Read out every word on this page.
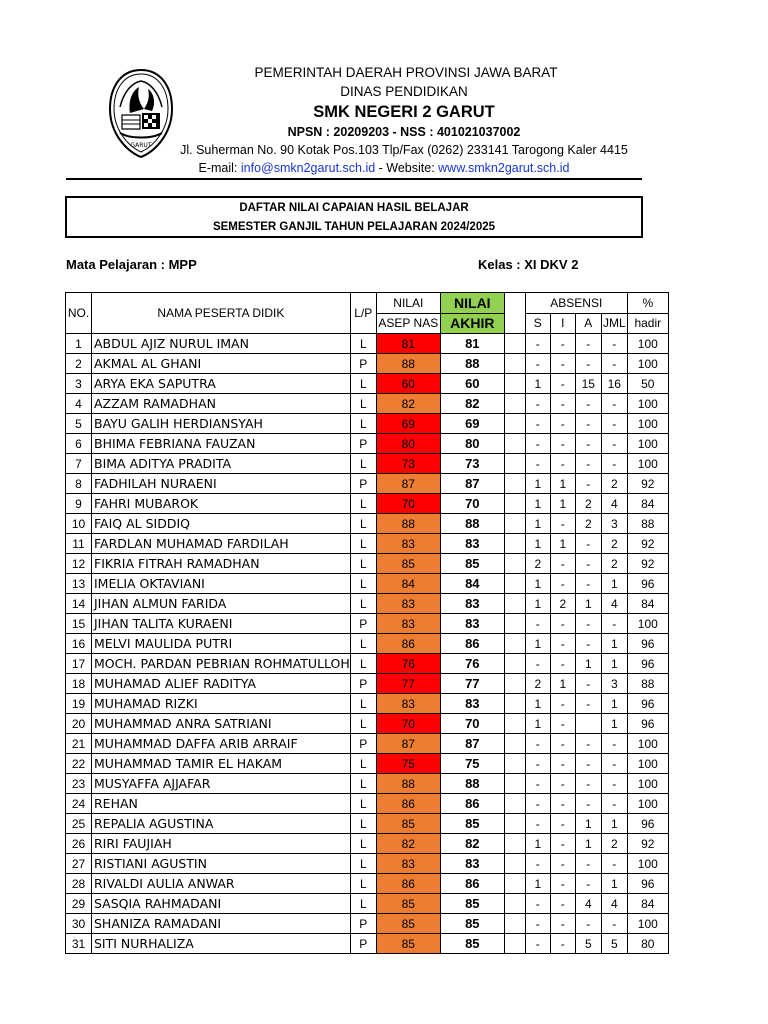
PEMERINTAH DAERAH PROVINSI JAWA BARAT
DINAS PENDIDIKAN
SMK NEGERI 2 GARUT
NPSN : 20209203 - NSS : 401021037002
Jl. Suherman No. 90 Kotak Pos.103 Tlp/Fax (0262) 233141 Tarogong Kaler 4415
E-mail: info@smkn2garut.sch.id - Website: www.smkn2garut.sch.id
GARUT
DAFTAR NILAI CAPAIAN HASIL BELAJAR
SEMESTER GANJIL TAHUN PELAJARAN 2024/2025
Mata Pelajaran : MPP	Kelas : XI DKV 2
NO.	NAMA PESERTA DIDIK	L/P	NILAI	NILAI		ABSENSI				%
			ASEP NAS	AKHIR		S	I	A	JML	hadir
1	ABDUL AJIZ NURUL IMAN	L	81	81		-	-	-	-	100
2	AKMAL AL GHANI	P	88	88		-	-	-	-	100
3	ARYA EKA SAPUTRA	L	60	60		1	-	15	16	50
4	AZZAM RAMADHAN	L	82	82		-	-	-	-	100
5	BAYU GALIH HERDIANSYAH	L	69	69		-	-	-	-	100
6	BHIMA FEBRIANA FAUZAN	P	80	80		-	-	-	-	100
7	BIMA ADITYA PRADITA	L	73	73		-	-	-	-	100
8	FADHILAH NURAENI	P	87	87		1	1	-	2	92
9	FAHRI MUBAROK	L	70	70		1	1	2	4	84
10	FAIQ AL SIDDIQ	L	88	88		1	-	2	3	88
11	FARDLAN MUHAMAD FARDILAH	L	83	83		1	1	-	2	92
12	FIKRIA FITRAH RAMADHAN	L	85	85		2	-	-	2	92
13	IMELIA OKTAVIANI	L	84	84		1	-	-	1	96
14	JIHAN ALMUN FARIDA	L	83	83		1	2	1	4	84
15	JIHAN TALITA KURAENI	P	83	83		-	-	-	-	100
16	MELVI MAULIDA PUTRI	L	86	86		1	-	-	1	96
17	MOCH. PARDAN PEBRIAN ROHMATULLOH	L	76	76		-	-	1	1	96
18	MUHAMAD ALIEF RADITYA	P	77	77		2	1	-	3	88
19	MUHAMAD RIZKI	L	83	83		1	-	-	1	96
20	MUHAMMAD ANRA SATRIANI	L	70	70		1	-		1	96
21	MUHAMMAD DAFFA ARIB ARRAIF	P	87	87		-	-	-	-	100
22	MUHAMMAD TAMIR EL HAKAM	L	75	75		-	-	-	-	100
23	MUSYAFFA AJJAFAR	L	88	88		-	-	-	-	100
24	REHAN	L	86	86		-	-	-	-	100
25	REPALIA AGUSTINA	L	85	85		-	-	1	1	96
26	RIRI FAUJIAH	L	82	82		1	-	1	2	92
27	RISTIANI AGUSTIN	L	83	83		-	-	-	-	100
28	RIVALDI AULIA ANWAR	L	86	86		1	-	-	1	96
29	SASQIA RAHMADANI	L	85	85		-	-	4	4	84
30	SHANIZA RAMADANI	P	85	85		-	-	-	-	100
31	SITI NURHALIZA	P	85	85		-	-	5	5	80
